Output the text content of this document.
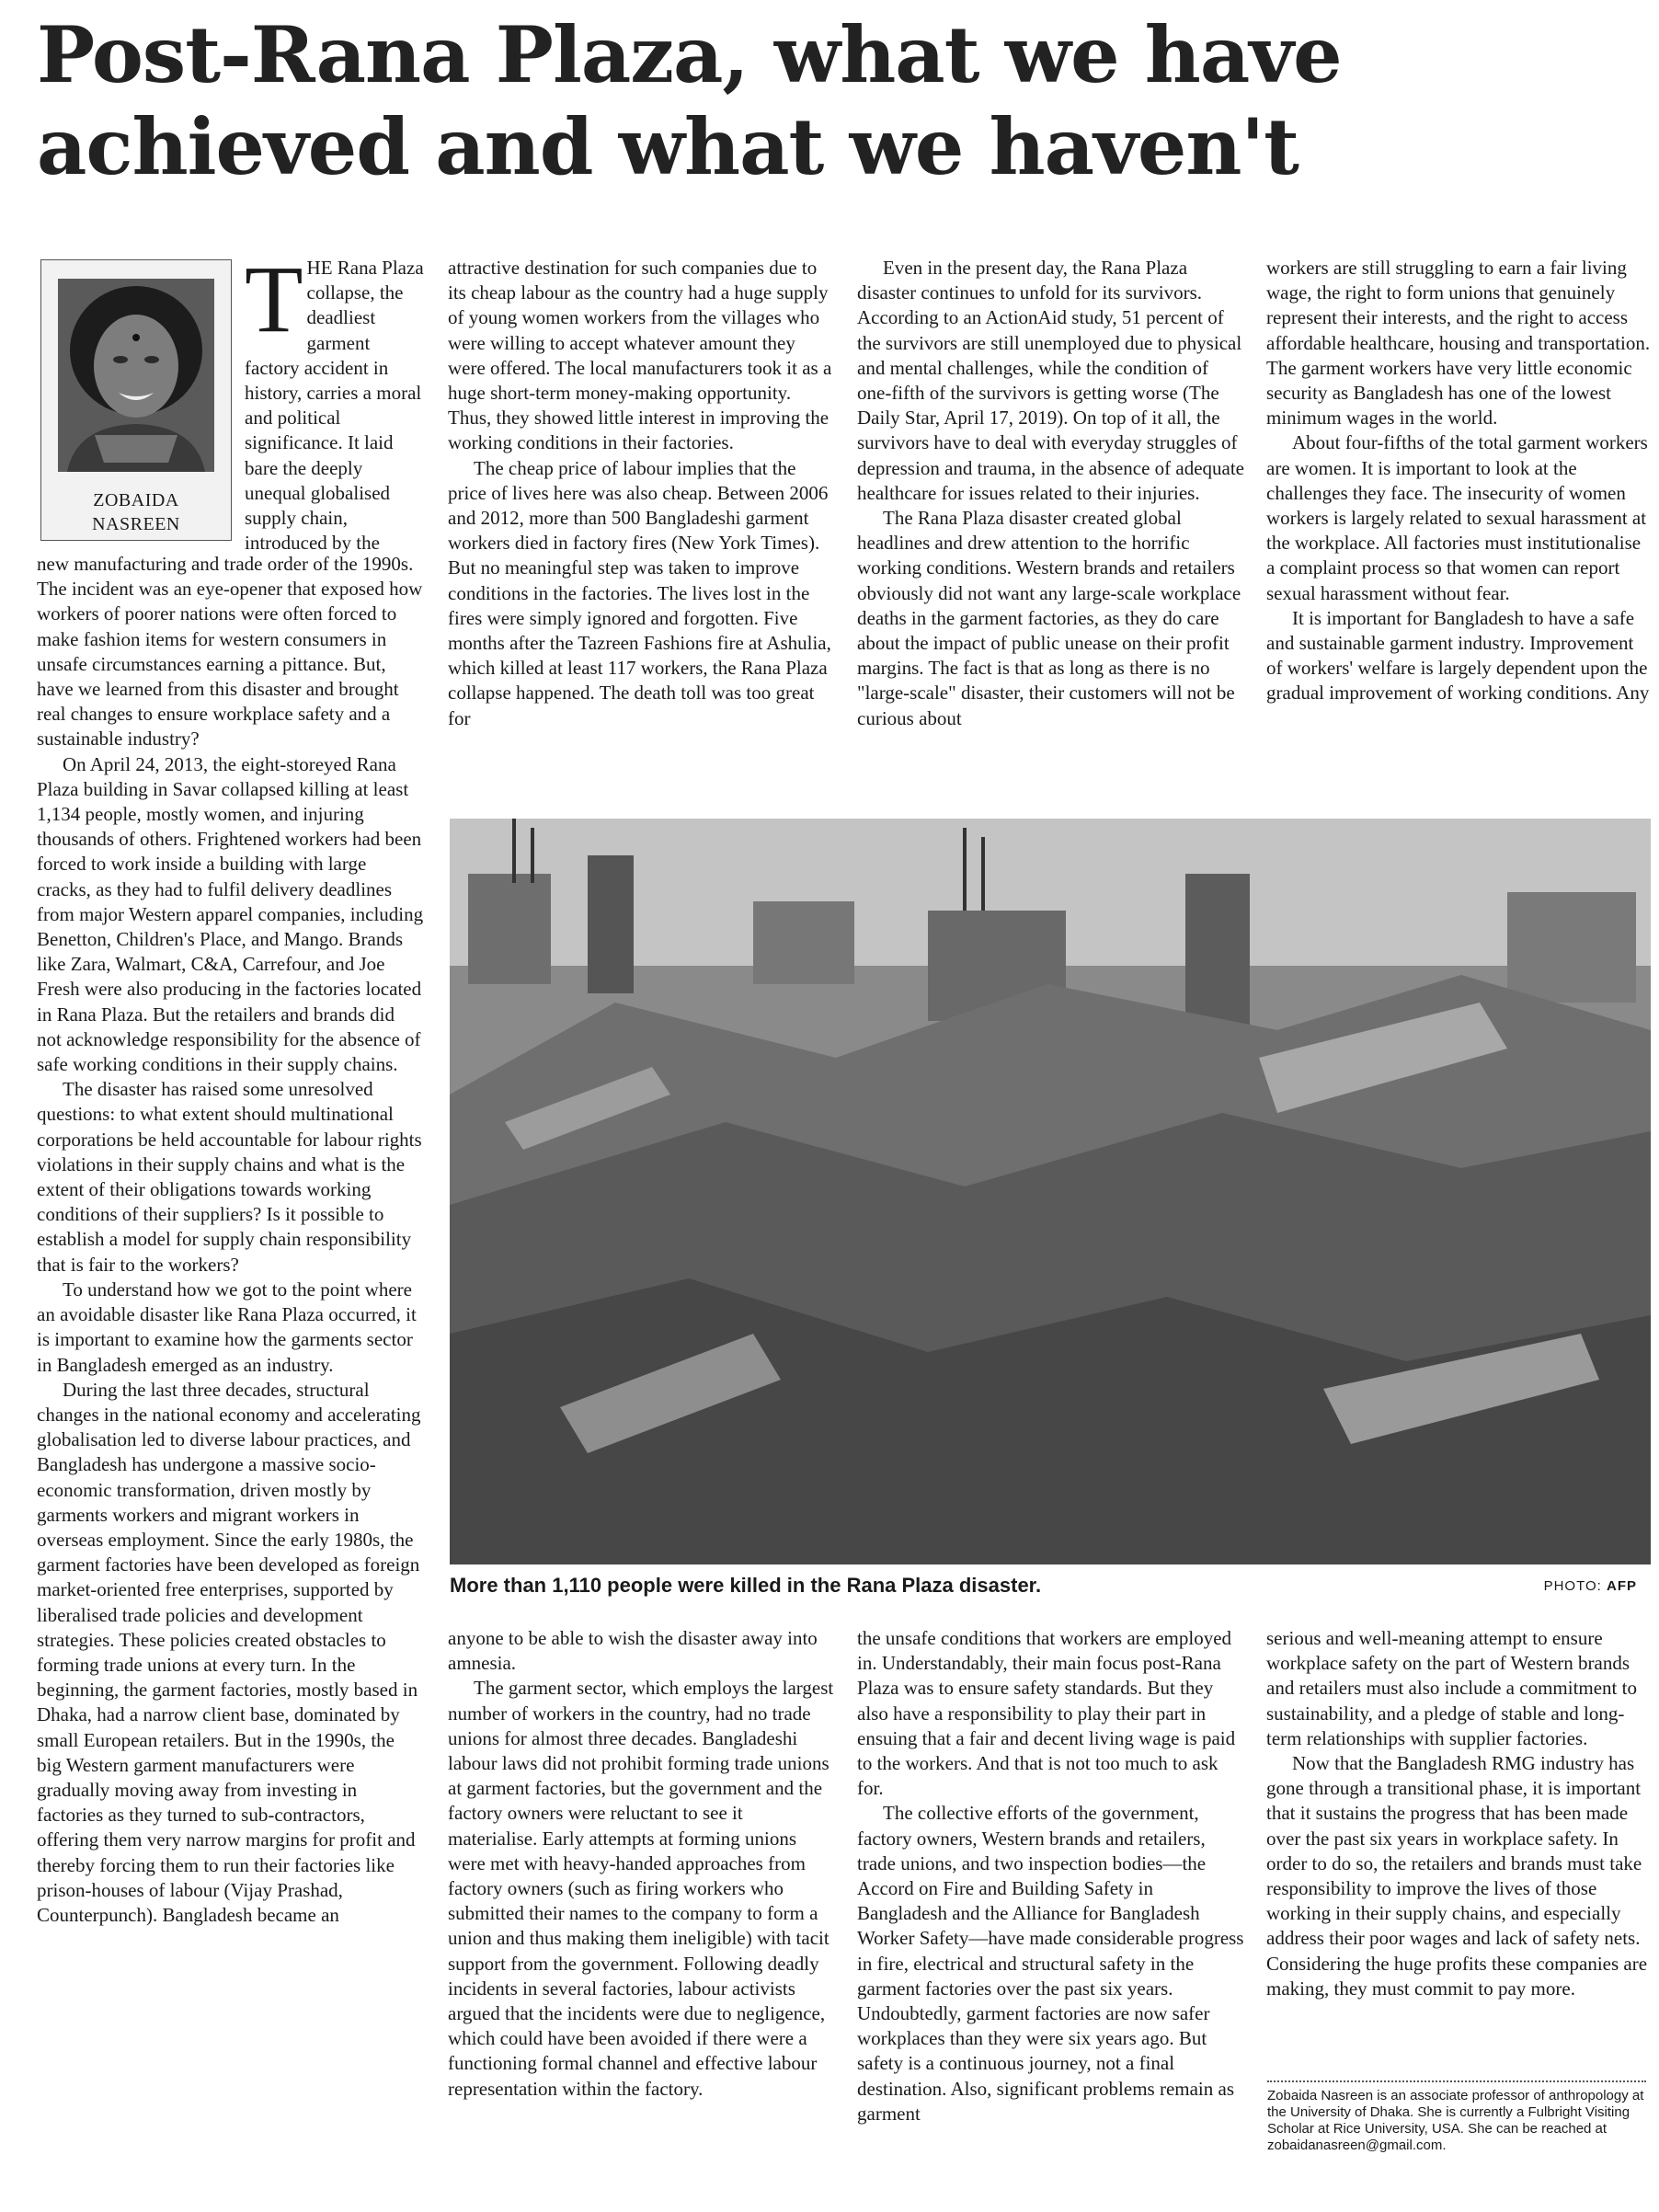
Post-Rana Plaza, what we have achieved and what we haven't
ZOBAIDA
NASREEN

THE Rana Plaza collapse, the deadliest garment factory accident in history, carries a moral and political significance. It laid bare the deeply unequal globalised supply chain, introduced by the

new manufacturing and trade order of the 1990s. The incident was an eye-opener that exposed how workers of poorer nations were often forced to make fashion items for western consumers in unsafe circumstances earning a pittance. But, have we learned from this disaster and brought real changes to ensure workplace safety and a sustainable industry?

On April 24, 2013, the eight-storeyed Rana Plaza building in Savar collapsed killing at least 1,134 people, mostly women, and injuring thousands of others. Frightened workers had been forced to work inside a building with large cracks, as they had to fulfil delivery deadlines from major Western apparel companies, including Benetton, Children's Place, and Mango. Brands like Zara, Walmart, C&A, Carrefour, and Joe Fresh were also producing in the factories located in Rana Plaza. But the retailers and brands did not acknowledge responsibility for the absence of safe working conditions in their supply chains.

The disaster has raised some unresolved questions: to what extent should multinational corporations be held accountable for labour rights violations in their supply chains and what is the extent of their obligations towards working conditions of their suppliers? Is it possible to establish a model for supply chain responsibility that is fair to the workers?

To understand how we got to the point where an avoidable disaster like Rana Plaza occurred, it is important to examine how the garments sector in Bangladesh emerged as an industry.

During the last three decades, structural changes in the national economy and accelerating globalisation led to diverse labour practices, and Bangladesh has undergone a massive socio-economic transformation, driven mostly by garments workers and migrant workers in overseas employment. Since the early 1980s, the garment factories have been developed as foreign market-oriented free enterprises, supported by liberalised trade policies and development strategies. These policies created obstacles to forming trade unions at every turn. In the beginning, the garment factories, mostly based in Dhaka, had a narrow client base, dominated by small European retailers. But in the 1990s, the big Western garment manufacturers were gradually moving away from investing in factories as they turned to sub-contractors, offering them very narrow margins for profit and thereby forcing them to run their factories like prison-houses of labour (Vijay Prashad, Counterpunch). Bangladesh became an

attractive destination for such companies due to its cheap labour as the country had a huge supply of young women workers from the villages who were willing to accept whatever amount they were offered. The local manufacturers took it as a huge short-term money-making opportunity. Thus, they showed little interest in improving the working conditions in their factories.

The cheap price of labour implies that the price of lives here was also cheap. Between 2006 and 2012, more than 500 Bangladeshi garment workers died in factory fires (New York Times). But no meaningful step was taken to improve conditions in the factories. The lives lost in the fires were simply ignored and forgotten. Five months after the Tazreen Fashions fire at Ashulia, which killed at least 117 workers, the Rana Plaza collapse happened. The death toll was too great for

Even in the present day, the Rana Plaza disaster continues to unfold for its survivors. According to an ActionAid study, 51 percent of the survivors are still unemployed due to physical and mental challenges, while the condition of one-fifth of the survivors is getting worse (The Daily Star, April 17, 2019). On top of it all, the survivors have to deal with everyday struggles of depression and trauma, in the absence of adequate healthcare for issues related to their injuries.

The Rana Plaza disaster created global headlines and drew attention to the horrific working conditions. Western brands and retailers obviously did not want any large-scale workplace deaths in the garment factories, as they do care about the impact of public unease on their profit margins. The fact is that as long as there is no "large-scale" disaster, their customers will not be curious about

workers are still struggling to earn a fair living wage, the right to form unions that genuinely represent their interests, and the right to access affordable healthcare, housing and transportation. The garment workers have very little economic security as Bangladesh has one of the lowest minimum wages in the world.

About four-fifths of the total garment workers are women. It is important to look at the challenges they face. The insecurity of women workers is largely related to sexual harassment at the workplace. All factories must institutionalise a complaint process so that women can report sexual harassment without fear.

It is important for Bangladesh to have a safe and sustainable garment industry. Improvement of workers' welfare is largely dependent upon the gradual improvement of working conditions. Any

More than 1,110 people were killed in the Rana Plaza disaster.	PHOTO: AFP

anyone to be able to wish the disaster away into amnesia.

The garment sector, which employs the largest number of workers in the country, had no trade unions for almost three decades. Bangladeshi labour laws did not prohibit forming trade unions at garment factories, but the government and the factory owners were reluctant to see it materialise. Early attempts at forming unions were met with heavy-handed approaches from factory owners (such as firing workers who submitted their names to the company to form a union and thus making them ineligible) with tacit support from the government. Following deadly incidents in several factories, labour activists argued that the incidents were due to negligence, which could have been avoided if there were a functioning formal channel and effective labour representation within the factory.

the unsafe conditions that workers are employed in. Understandably, their main focus post-Rana Plaza was to ensure safety standards. But they also have a responsibility to play their part in ensuing that a fair and decent living wage is paid to the workers. And that is not too much to ask for.

The collective efforts of the government, factory owners, Western brands and retailers, trade unions, and two inspection bodies—the Accord on Fire and Building Safety in Bangladesh and the Alliance for Bangladesh Worker Safety—have made considerable progress in fire, electrical and structural safety in the garment factories over the past six years. Undoubtedly, garment factories are now safer workplaces than they were six years ago. But safety is a continuous journey, not a final destination. Also, significant problems remain as garment

serious and well-meaning attempt to ensure workplace safety on the part of Western brands and retailers must also include a commitment to sustainability, and a pledge of stable and long-term relationships with supplier factories.

Now that the Bangladesh RMG industry has gone through a transitional phase, it is important that it sustains the progress that has been made over the past six years in workplace safety. In order to do so, the retailers and brands must take responsibility to improve the lives of those working in their supply chains, and especially address their poor wages and lack of safety nets. Considering the huge profits these companies are making, they must commit to pay more.

Zobaida Nasreen is an associate professor of anthropology at the University of Dhaka. She is currently a Fulbright Visiting Scholar at Rice University, USA. She can be reached at zobaidanasreen@gmail.com.
